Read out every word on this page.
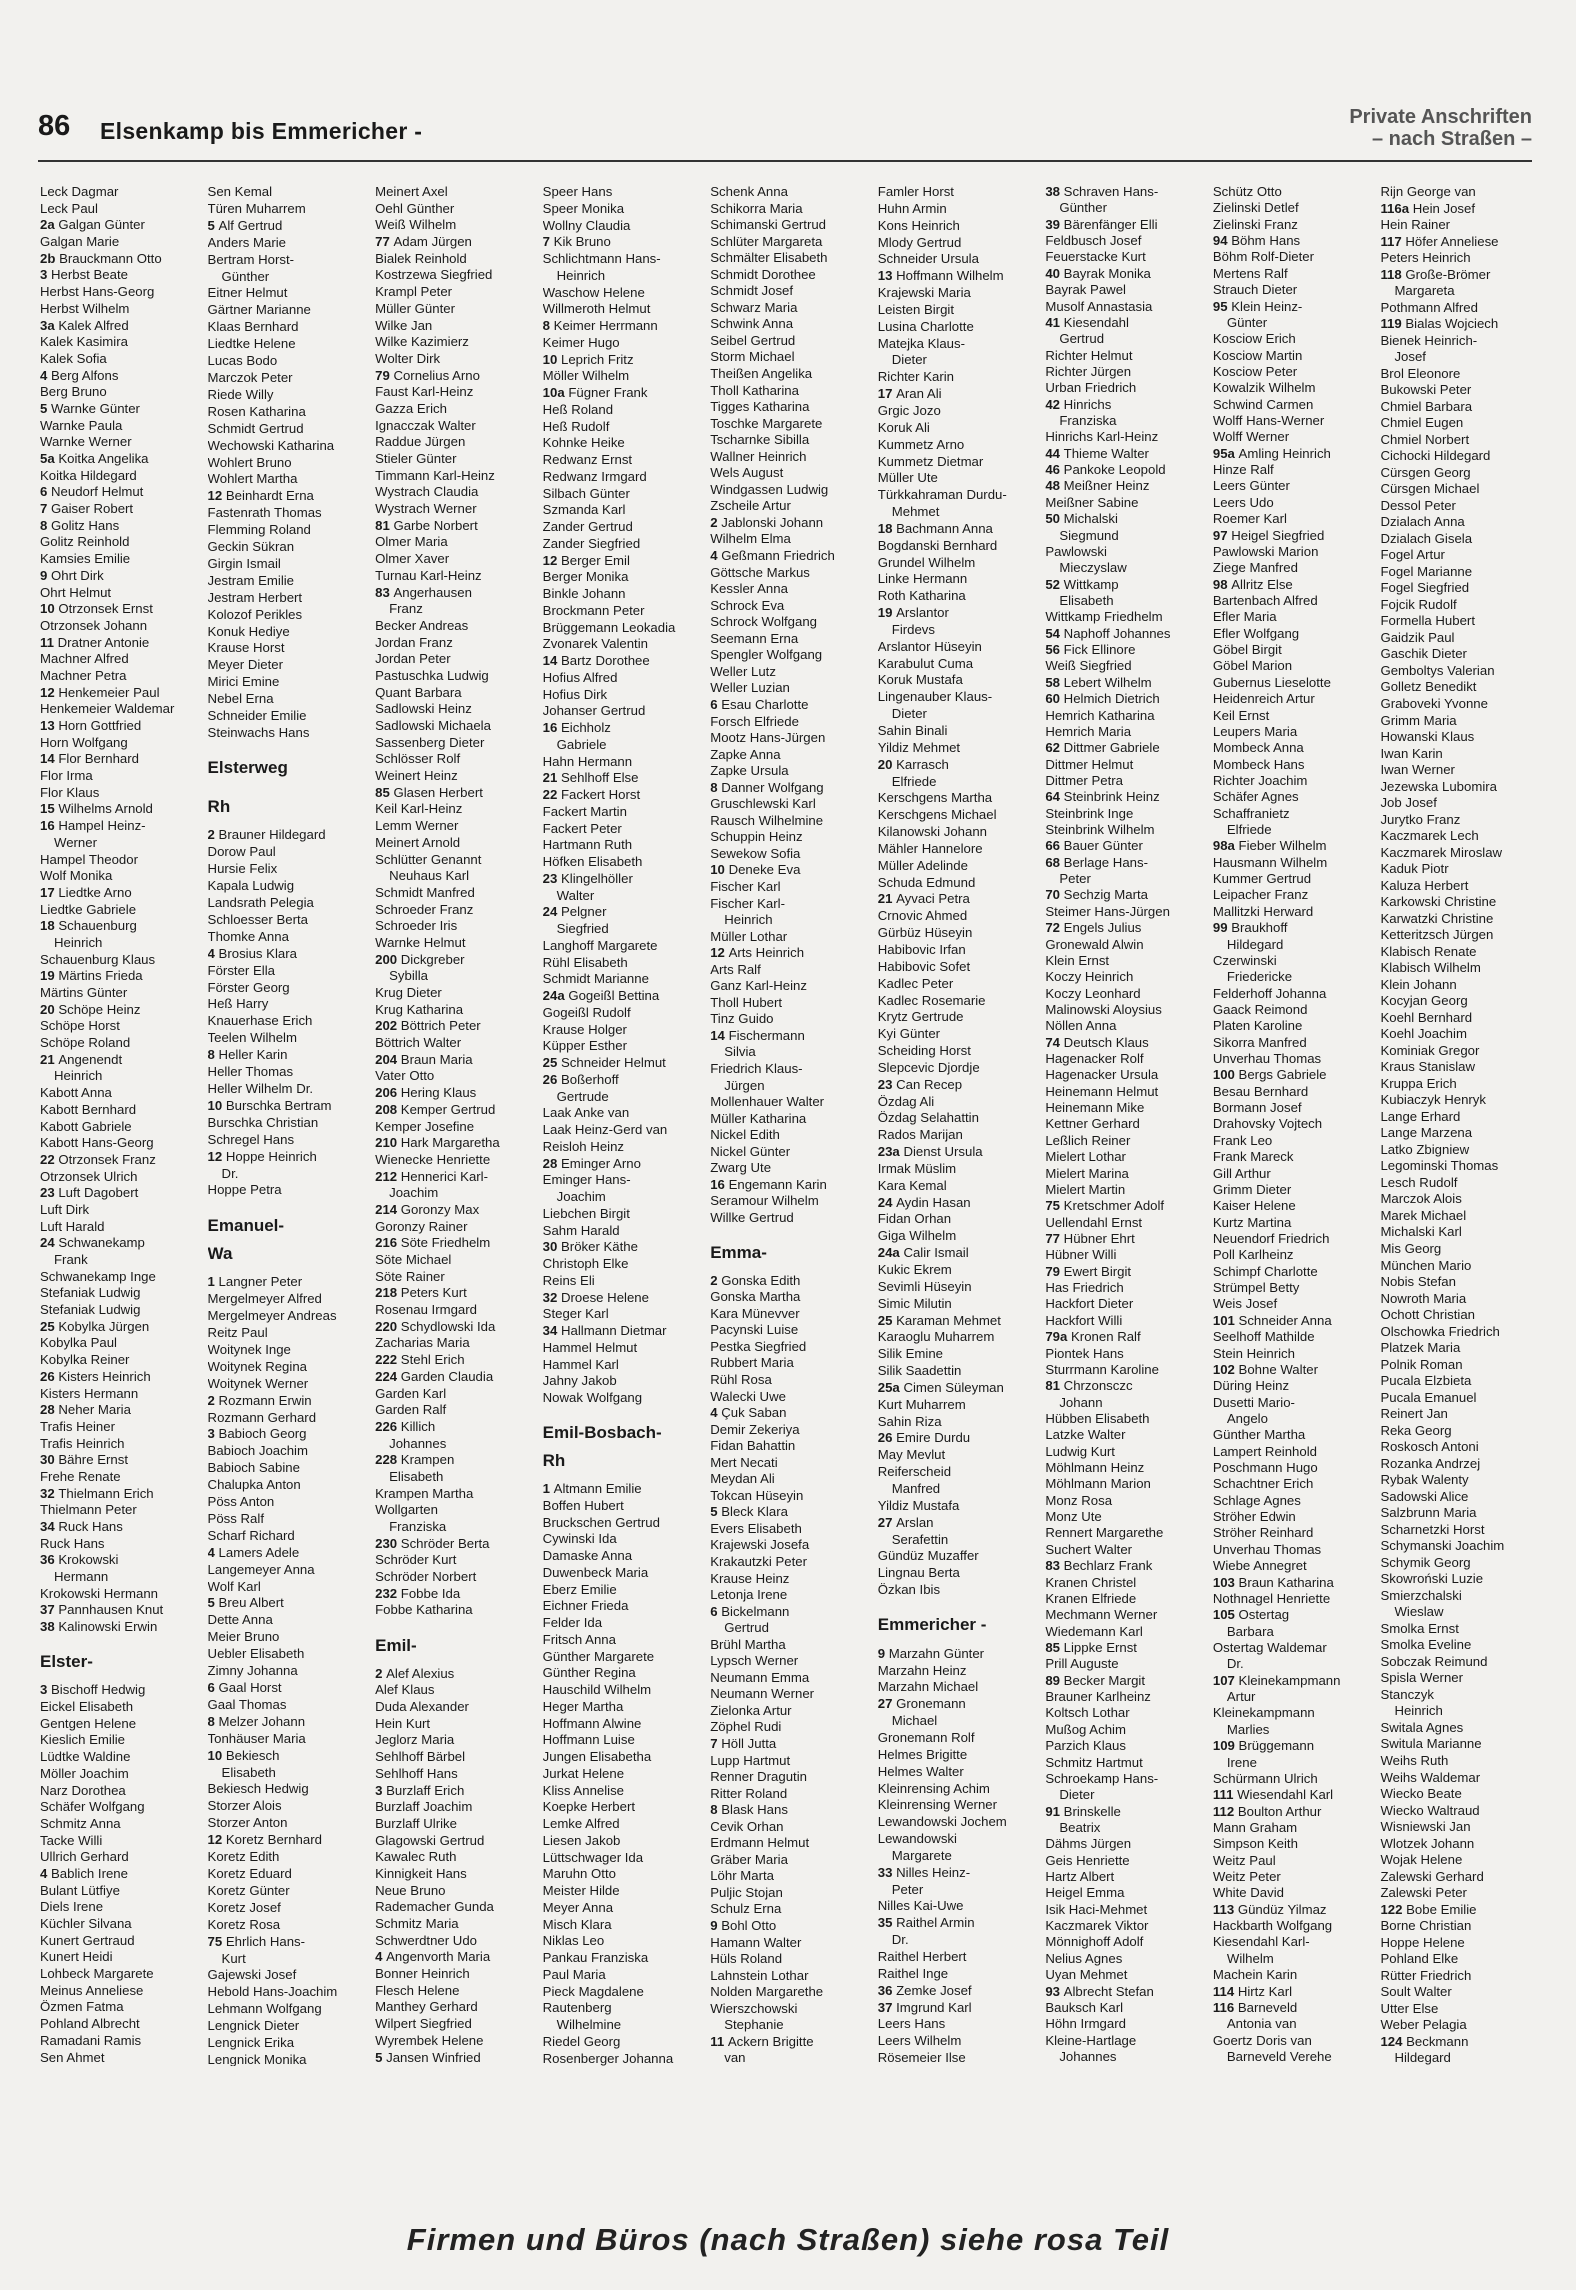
86 Elsenkamp bis Emmericher -
Private Anschriften
– nach Straßen –
Leck Dagmar
Leck Paul
2a Galgan Günter
Galgan Marie
2b Brauckmann Otto
3 Herbst Beate
Herbst Hans-Georg
Herbst Wilhelm
3a Kalek Alfred
Kalek Kasimira
Kalek Sofia
4 Berg Alfons
Berg Bruno
5 Warnke Günter
Warnke Paula
Warnke Werner
5a Koitka Angelika
Koitka Hildegard
6 Neudorf Helmut
7 Gaiser Robert
8 Golitz Hans
Golitz Reinhold
Kamsies Emilie
9 Ohrt Dirk
Ohrt Helmut
10 Otrzonsek Ernst
Otrzonsek Johann
11 Dratner Antonie
Machner Alfred
Machner Petra
12 Henkemeier Paul
Henkemeier Waldemar
13 Horn Gottfried
Horn Wolfgang
14 Flor Bernhard
Flor Irma
Flor Klaus
15 Wilhelms Arnold
16 Hampel Heinz-
Werner
Hampel Theodor
Wolf Monika
17 Liedtke Arno
Liedtke Gabriele
18 Schauenburg
Heinrich
Schauenburg Klaus
19 Märtins Frieda
Märtins Günter
20 Schöpe Heinz
Schöpe Horst
Schöpe Roland
21 Angenendt
Heinrich
Kabott Anna
Kabott Bernhard
Kabott Gabriele
Kabott Hans-Georg
22 Otrzonsek Franz
Otrzonsek Ulrich
23 Luft Dagobert
Luft Dirk
Luft Harald
24 Schwanekamp
Frank
Schwanekamp Inge
Stefaniak Ludwig
Stefaniak Ludwig
25 Kobylka Jürgen
Kobylka Paul
Kobylka Reiner
26 Kisters Heinrich
Kisters Hermann
28 Neher Maria
Trafis Heiner
Trafis Heinrich
30 Bähre Ernst
Frehe Renate
32 Thielmann Erich
Thielmann Peter
34 Ruck Hans
Ruck Hans
36 Krokowski
Hermann
Krokowski Hermann
37 Pannhausen Knut
38 Kalinowski Erwin
Elster-
3 Bischoff Hedwig
Eickel Elisabeth
Gentgen Helene
Kieslich Emilie
Lüdtke Waldine
Möller Joachim
Narz Dorothea
Schäfer Wolfgang
Schmitz Anna
Tacke Willi
Ullrich Gerhard
4 Bablich Irene
Bulant Lütfiye
Diels Irene
Küchler Silvana
Kunert Gertraud
Kunert Heidi
Lohbeck Margarete
Meinus Anneliese
Özmen Fatma
Pohland Albrecht
Ramadani Ramis
Sen Ahmet
Sen Kemal
Türen Muharrem
5 Alf Gertrud
Anders Marie
Bertram Horst-
Günther
Eitner Helmut
Gärtner Marianne
Klaas Bernhard
Liedtke Helene
Lucas Bodo
Marczok Peter
Riede Willy
Rosen Katharina
Schmidt Gertrud
Wechowski Katharina
Wohlert Bruno
Wohlert Martha
12 Beinhardt Erna
Fastenrath Thomas
Flemming Roland
Geckin Sükran
Girgin Ismail
Jestram Emilie
Jestram Herbert
Kolozof Perikles
Konuk Hediye
Krause Horst
Meyer Dieter
Mirici Emine
Nebel Erna
Schneider Emilie
Steinwachs Hans
Elsterweg
Rh
2 Brauner Hildegard
Dorow Paul
Hursie Felix
Kapala Ludwig
Landsrath Pelegia
Schloesser Berta
Thomke Anna
4 Brosius Klara
Förster Ella
Förster Georg
Heß Harry
Knauerhase Erich
Teelen Wilhelm
8 Heller Karin
Heller Thomas
Heller Wilhelm Dr.
10 Burschka Bertram
Burschka Christian
Schregel Hans
12 Hoppe Heinrich
Dr.
Hoppe Petra
Emanuel-
Wa
1 Langner Peter
Mergelmeyer Alfred
Mergelmeyer Andreas
Reitz Paul
Woitynek Inge
Woitynek Regina
Woitynek Werner
2 Rozmann Erwin
Rozmann Gerhard
3 Babioch Georg
Babioch Joachim
Babioch Sabine
Chalupka Anton
Pöss Anton
Pöss Ralf
Scharf Richard
4 Lamers Adele
Langemeyer Anna
Wolf Karl
5 Breu Albert
Dette Anna
Meier Bruno
Uebler Elisabeth
Zimny Johanna
6 Gaal Horst
Gaal Thomas
8 Melzer Johann
Tonhäuser Maria
10 Bekiesch
Elisabeth
Bekiesch Hedwig
Storzer Alois
Storzer Anton
12 Koretz Bernhard
Koretz Edith
Koretz Eduard
Koretz Günter
Koretz Josef
Koretz Rosa
75 Ehrlich Hans-
Kurt
Gajewski Josef
Hebold Hans-Joachim
Lehmann Wolfgang
Lengnick Dieter
Lengnick Erika
Lengnick Monika
Meinert Axel
Oehl Günther
Weiß Wilhelm
77 Adam Jürgen
Bialek Reinhold
Kostrzewa Siegfried
Krampl Peter
Müller Günter
Wilke Jan
Wilke Kazimierz
Wolter Dirk
79 Cornelius Arno
Faust Karl-Heinz
Gazza Erich
Ignacczak Walter
Raddue Jürgen
Stieler Günter
Timmann Karl-Heinz
Wystrach Claudia
Wystrach Werner
81 Garbe Norbert
Olmer Maria
Olmer Xaver
Turnau Karl-Heinz
83 Angerhausen
Franz
Becker Andreas
Jordan Franz
Jordan Peter
Pastuschka Ludwig
Quant Barbara
Sadlowski Heinz
Sadlowski Michaela
Sassenberg Dieter
Schlösser Rolf
Weinert Heinz
85 Glasen Herbert
Keil Karl-Heinz
Lemm Werner
Meinert Arnold
Schlütter Genannt
Neuhaus Karl
Schmidt Manfred
Schroeder Franz
Schroeder Iris
Warnke Helmut
200 Dickgreber
Sybilla
Krug Dieter
Krug Katharina
202 Böttrich Peter
Böttrich Walter
204 Braun Maria
Vater Otto
206 Hering Klaus
208 Kemper Gertrud
Kemper Josefine
210 Hark Margaretha
Wienecke Henriette
212 Hennerici Karl-
Joachim
214 Goronzy Max
Goronzy Rainer
216 Söte Friedhelm
Söte Michael
Söte Rainer
218 Peters Kurt
Rosenau Irmgard
220 Schydlowski Ida
Zacharias Maria
222 Stehl Erich
224 Garden Claudia
Garden Karl
Garden Ralf
226 Killich
Johannes
228 Krampen
Elisabeth
Krampen Martha
Wollgarten
Franziska
230 Schröder Berta
Schröder Kurt
Schröder Norbert
232 Fobbe Ida
Fobbe Katharina
Emil-
2 Alef Alexius
Alef Klaus
Duda Alexander
Hein Kurt
Jeglorz Maria
Sehlhoff Bärbel
Sehlhoff Hans
3 Burzlaff Erich
Burzlaff Joachim
Burzlaff Ulrike
Glagowski Gertrud
Kawalec Ruth
Kinnigkeit Hans
Neue Bruno
Rademacher Gunda
Schmitz Maria
Schwerdtner Udo
4 Angenvorth Maria
Bonner Heinrich
Flesch Helene
Manthey Gerhard
Wilpert Siegfried
Wyrembek Helene
5 Jansen Winfried
Speer Hans
Speer Monika
Wollny Claudia
7 Kik Bruno
Schlichtmann Hans-
Heinrich
Waschow Helene
Willmeroth Helmut
8 Keimer Herrmann
Keimer Hugo
10 Leprich Fritz
Möller Wilhelm
10a Fügner Frank
Heß Roland
Heß Rudolf
Kohnke Heike
Redwanz Ernst
Redwanz Irmgard
Silbach Günter
Szmanda Karl
Zander Gertrud
Zander Siegfried
12 Berger Emil
Berger Monika
Binkle Johann
Brockmann Peter
Brüggemann Leokadia
Zvonarek Valentin
14 Bartz Dorothee
Hofius Alfred
Hofius Dirk
Johanser Gertrud
16 Eichholz
Gabriele
Hahn Hermann
21 Sehlhoff Else
22 Fackert Horst
Fackert Martin
Fackert Peter
Hartmann Ruth
Höfken Elisabeth
23 Klingelhöller
Walter
24 Pelgner
Siegfried
Langhoff Margarete
Rühl Elisabeth
Schmidt Marianne
24a Gogeißl Bettina
Gogeißl Rudolf
Krause Holger
Küpper Esther
25 Schneider Helmut
26 Boßerhoff
Gertrude
Laak Anke van
Laak Heinz-Gerd van
Reisloh Heinz
28 Eminger Arno
Eminger Hans-
Joachim
Liebchen Birgit
Sahm Harald
30 Bröker Käthe
Christoph Elke
Reins Eli
32 Droese Helene
Steger Karl
34 Hallmann Dietmar
Hammel Helmut
Hammel Karl
Jahny Jakob
Nowak Wolfgang
Emil-Bosbach-
Rh
1 Altmann Emilie
Boffen Hubert
Bruckschen Gertrud
Cywinski Ida
Damaske Anna
Duwenbeck Maria
Eberz Emilie
Eichner Frieda
Felder Ida
Fritsch Anna
Günther Margarete
Günther Regina
Hauschild Wilhelm
Heger Martha
Hoffmann Alwine
Hoffmann Luise
Jungen Elisabetha
Jurkat Helene
Kliss Annelise
Koepke Herbert
Lemke Alfred
Liesen Jakob
Lüttschwager Ida
Maruhn Otto
Meister Hilde
Meyer Anna
Misch Klara
Niklas Leo
Pankau Franziska
Paul Maria
Pieck Magdalene
Rautenberg
Wilhelmine
Riedel Georg
Rosenberger Johanna
Schenk Anna
Schikorra Maria
Schimanski Gertrud
Schlüter Margareta
Schmälter Elisabeth
Schmidt Dorothee
Schmidt Josef
Schwarz Maria
Schwink Anna
Seibel Gertrud
Storm Michael
Theißen Angelika
Tholl Katharina
Tigges Katharina
Toschke Margarete
Tscharnke Sibilla
Wallner Heinrich
Wels August
Windgassen Ludwig
Zscheile Artur
2 Jablonski Johann
Wilhelm Elma
4 Geßmann Friedrich
Göttsche Markus
Kessler Anna
Schrock Eva
Schrock Wolfgang
Seemann Erna
Spengler Wolfgang
Weller Lutz
Weller Luzian
6 Esau Charlotte
Forsch Elfriede
Mootz Hans-Jürgen
Zapke Anna
Zapke Ursula
8 Danner Wolfgang
Gruschlewski Karl
Rausch Wilhelmine
Schuppin Heinz
Sewekow Sofia
10 Deneke Eva
Fischer Karl
Fischer Karl-
Heinrich
Müller Lothar
12 Arts Heinrich
Arts Ralf
Ganz Karl-Heinz
Tholl Hubert
Tinz Guido
14 Fischermann
Silvia
Friedrich Klaus-
Jürgen
Mollenhauer Walter
Müller Katharina
Nickel Edith
Nickel Günter
Zwarg Ute
16 Engemann Karin
Seramour Wilhelm
Willke Gertrud
Emma-
2 Gonska Edith
Gonska Martha
Kara Münevver
Pacynski Luise
Pestka Siegfried
Rubbert Maria
Rühl Rosa
Walecki Uwe
4 Çuk Saban
Demir Zekeriya
Fidan Bahattin
Mert Necati
Meydan Ali
Tokcan Hüseyin
5 Bleck Klara
Evers Elisabeth
Krajewski Josefa
Krakautzki Peter
Krause Heinz
Letonja Irene
6 Bickelmann
Gertrud
Brühl Martha
Lypsch Werner
Neumann Emma
Neumann Werner
Zielonka Artur
Zöphel Rudi
7 Höll Jutta
Lupp Hartmut
Renner Dragutin
Ritter Roland
8 Blask Hans
Cevik Orhan
Erdmann Helmut
Gräber Maria
Löhr Marta
Puljic Stojan
Schulz Erna
9 Bohl Otto
Hamann Walter
Hüls Roland
Lahnstein Lothar
Nolden Margarethe
Wierszchowski
Stephanie
11 Ackern Brigitte
van
Famler Horst
Huhn Armin
Kons Heinrich
Mlody Gertrud
Schneider Ursula
13 Hoffmann Wilhelm
Krajewski Maria
Leisten Birgit
Lusina Charlotte
Matejka Klaus-
Dieter
Richter Karin
17 Aran Ali
Grgic Jozo
Koruk Ali
Kummetz Arno
Kummetz Dietmar
Müller Ute
Türkkahraman Durdu-
Mehmet
18 Bachmann Anna
Bogdanski Bernhard
Grundel Wilhelm
Linke Hermann
Roth Katharina
19 Arslantor
Firdevs
Arslantor Hüseyin
Karabulut Cuma
Koruk Mustafa
Lingenauber Klaus-
Dieter
Sahin Binali
Yildiz Mehmet
20 Karrasch
Elfriede
Kerschgens Martha
Kerschgens Michael
Kilanowski Johann
Mähler Hannelore
Müller Adelinde
Schuda Edmund
21 Ayvaci Petra
Crnovic Ahmed
Gürbüz Hüseyin
Habibovic Irfan
Habibovic Sofet
Kadlec Peter
Kadlec Rosemarie
Krytz Gertrude
Kyi Günter
Scheiding Horst
Slepcevic Djordje
23 Can Recep
Özdag Ali
Özdag Selahattin
Rados Marijan
23a Dienst Ursula
Irmak Müslim
Kara Kemal
24 Aydin Hasan
Fidan Orhan
Giga Wilhelm
24a Calir Ismail
Kukic Ekrem
Sevimli Hüseyin
Simic Milutin
25 Karaman Mehmet
Karaoglu Muharrem
Silik Emine
Silik Saadettin
25a Cimen Süleyman
Kurt Muharrem
Sahin Riza
26 Emire Durdu
May Mevlut
Reiferscheid
Manfred
Yildiz Mustafa
27 Arslan
Serafettin
Gündüz Muzaffer
Lingnau Berta
Özkan Ibis
Emmericher -
9 Marzahn Günter
Marzahn Heinz
Marzahn Michael
27 Gronemann
Michael
Gronemann Rolf
Helmes Brigitte
Helmes Walter
Kleinrensing Achim
Kleinrensing Werner
Lewandowski Jochem
Lewandowski
Margarete
33 Nilles Heinz-
Peter
Nilles Kai-Uwe
35 Raithel Armin
Dr.
Raithel Herbert
Raithel Inge
36 Zemke Josef
37 Imgrund Karl
Leers Hans
Leers Wilhelm
Rösemeier Ilse
38 Schraven Hans-
Günther
39 Bärenfänger Elli
Feldbusch Josef
Feuerstacke Kurt
40 Bayrak Monika
Bayrak Pawel
Musolf Annastasia
41 Kiesendahl
Gertrud
Richter Helmut
Richter Jürgen
Urban Friedrich
42 Hinrichs
Franziska
Hinrichs Karl-Heinz
44 Thieme Walter
46 Pankoke Leopold
48 Meißner Heinz
Meißner Sabine
50 Michalski
Siegmund
Pawlowski
Mieczyslaw
52 Wittkamp
Elisabeth
Wittkamp Friedhelm
54 Naphoff Johannes
56 Fick Ellinore
Weiß Siegfried
58 Lebert Wilhelm
60 Helmich Dietrich
Hemrich Katharina
Hemrich Maria
62 Dittmer Gabriele
Dittmer Helmut
Dittmer Petra
64 Steinbrink Heinz
Steinbrink Inge
Steinbrink Wilhelm
66 Bauer Günter
68 Berlage Hans-
Peter
70 Sechzig Marta
Steimer Hans-Jürgen
72 Engels Julius
Gronewald Alwin
Klein Ernst
Koczy Heinrich
Koczy Leonhard
Malinowski Aloysius
Nöllen Anna
74 Deutsch Klaus
Hagenacker Rolf
Hagenacker Ursula
Heinemann Helmut
Heinemann Mike
Kettner Gerhard
Leßlich Reiner
Mielert Lothar
Mielert Marina
Mielert Martin
75 Kretschmer Adolf
Uellendahl Ernst
77 Hübner Ehrt
Hübner Willi
79 Ewert Birgit
Has Friedrich
Hackfort Dieter
Hackfort Willi
79a Kronen Ralf
Piontek Hans
Sturrmann Karoline
81 Chrzonsczc
Johann
Hübben Elisabeth
Latzke Walter
Ludwig Kurt
Möhlmann Heinz
Möhlmann Marion
Monz Rosa
Monz Ute
Rennert Margarethe
Suchert Walter
83 Bechlarz Frank
Kranen Christel
Kranen Elfriede
Mechmann Werner
Wiedemann Karl
85 Lippke Ernst
Prill Auguste
89 Becker Margit
Brauner Karlheinz
Koltsch Lothar
Mußog Achim
Parzich Klaus
Schmitz Hartmut
Schroekamp Hans-
Dieter
91 Brinskelle
Beatrix
Dähms Jürgen
Geis Henriette
Hartz Albert
Heigel Emma
Isik Haci-Mehmet
Kaczmarek Viktor
Mönnighoff Adolf
Nelius Agnes
Uyan Mehmet
93 Albrecht Stefan
Bauksch Karl
Höhn Irmgard
Kleine-Hartlage
Johannes
Schütz Otto
Zielinski Detlef
Zielinski Franz
94 Böhm Hans
Böhm Rolf-Dieter
Mertens Ralf
Strauch Dieter
95 Klein Heinz-
Günter
Kosciow Erich
Kosciow Martin
Kosciow Peter
Kowalzik Wilhelm
Schwind Carmen
Wolff Hans-Werner
Wolff Werner
95a Amling Heinrich
Hinze Ralf
Leers Günter
Leers Udo
Roemer Karl
97 Heigel Siegfried
Pawlowski Marion
Ziege Manfred
98 Allritz Else
Bartenbach Alfred
Efler Maria
Efler Wolfgang
Göbel Birgit
Göbel Marion
Gubernus Lieselotte
Heidenreich Artur
Keil Ernst
Leupers Maria
Mombeck Anna
Mombeck Hans
Richter Joachim
Schäfer Agnes
Schaffranietz
Elfriede
98a Fieber Wilhelm
Hausmann Wilhelm
Kummer Gertrud
Leipacher Franz
Mallitzki Herward
99 Braukhoff
Hildegard
Czerwinski
Friedericke
Felderhoff Johanna
Gaack Reimond
Platen Karoline
Sikorra Manfred
Unverhau Thomas
100 Bergs Gabriele
Besau Bernhard
Bormann Josef
Drahovsky Vojtech
Frank Leo
Frank Mareck
Gill Arthur
Grimm Dieter
Kaiser Helene
Kurtz Martina
Neuendorf Friedrich
Poll Karlheinz
Schimpf Charlotte
Strümpel Betty
Weis Josef
101 Schneider Anna
Seelhoff Mathilde
Stein Heinrich
102 Bohne Walter
Düring Heinz
Dusetti Mario-
Angelo
Günther Martha
Lampert Reinhold
Poschmann Hugo
Schachtner Erich
Schlage Agnes
Ströher Edwin
Ströher Reinhard
Unverhau Thomas
Wiebe Annegret
103 Braun Katharina
Nothnagel Henriette
105 Ostertag
Barbara
Ostertag Waldemar
Dr.
107 Kleinekampmann
Artur
Kleinekampmann
Marlies
109 Brüggemann
Irene
Schürmann Ulrich
111 Wiesendahl Karl
112 Boulton Arthur
Mann Graham
Simpson Keith
Weitz Paul
Weitz Peter
White David
113 Gündüz Yilmaz
Hackbarth Wolfgang
Kiesendahl Karl-
Wilhelm
Machein Karin
114 Hirtz Karl
116 Barneveld
Antonia van
Goertz Doris van
Barneveld Verehe
Rijn George van
116a Hein Josef
Hein Rainer
117 Höfer Anneliese
Peters Heinrich
118 Große-Brömer
Margareta
Pothmann Alfred
119 Bialas Wojciech
Bienek Heinrich-
Josef
Brol Eleonore
Bukowski Peter
Chmiel Barbara
Chmiel Eugen
Chmiel Norbert
Cichocki Hildegard
Cürsgen Georg
Cürsgen Michael
Dessol Peter
Dzialach Anna
Dzialach Gisela
Fogel Artur
Fogel Marianne
Fogel Siegfried
Fojcik Rudolf
Formella Hubert
Gaidzik Paul
Gaschik Dieter
Gemboltys Valerian
Golletz Benedikt
Graboveki Yvonne
Grimm Maria
Howanski Klaus
Iwan Karin
Iwan Werner
Jezewska Lubomira
Job Josef
Jurytko Franz
Kaczmarek Lech
Kaczmarek Miroslaw
Kaduk Piotr
Kaluza Herbert
Karkowski Christine
Karwatzki Christine
Ketteritzsch Jürgen
Klabisch Renate
Klabisch Wilhelm
Klein Johann
Kocyjan Georg
Koehl Bernhard
Koehl Joachim
Kominiak Gregor
Kraus Stanislaw
Kruppa Erich
Kubiaczyk Henryk
Lange Erhard
Lange Marzena
Latko Zbigniew
Legominski Thomas
Lesch Rudolf
Marczok Alois
Marek Michael
Michalski Karl
Mis Georg
München Mario
Nobis Stefan
Nowroth Maria
Ochott Christian
Olschowka Friedrich
Platzek Maria
Polnik Roman
Pucala Elzbieta
Pucala Emanuel
Reinert Jan
Reka Georg
Roskosch Antoni
Rozanka Andrzej
Rybak Walenty
Sadowski Alice
Salzbrunn Maria
Scharnetzki Horst
Schymanski Joachim
Schymik Georg
Skowroński Luzie
Smierzchalski
Wieslaw
Smolka Ernst
Smolka Eveline
Sobczak Reimund
Spisla Werner
Stanczyk
Heinrich
Switala Agnes
Switula Marianne
Weihs Ruth
Weihs Waldemar
Wiecko Beate
Wiecko Waltraud
Wisniewski Jan
Wlotzek Johann
Wojak Helene
Zalewski Gerhard
Zalewski Peter
122 Bobe Emilie
Borne Christian
Hoppe Helene
Pohland Elke
Rütter Friedrich
Soult Walter
Utter Else
Weber Pelagia
124 Beckmann
Hildegard
Firmen und Büros (nach Straßen) siehe rosa Teil
